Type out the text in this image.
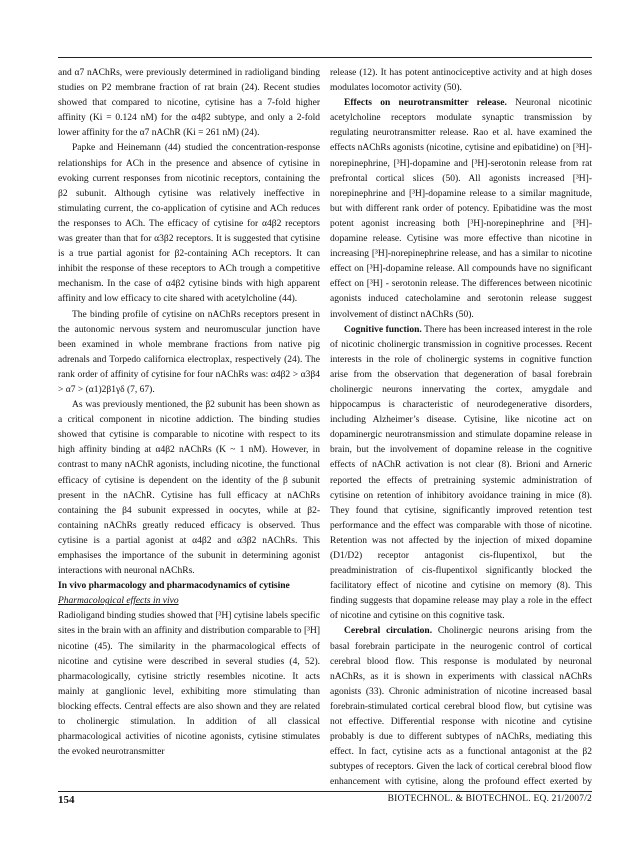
and α7 nAChRs, were previously determined in radioligand binding studies on P2 membrane fraction of rat brain (24). Recent studies showed that compared to nicotine, cytisine has a 7-fold higher affinity (Ki = 0.124 nM) for the α4β2 subtype, and only a 2-fold lower affinity for the α7 nAChR (Ki = 261 nM) (24).

Papke and Heinemann (44) studied the concentration-response relationships for ACh in the presence and absence of cytisine in evoking current responses from nicotinic receptors, containing the β2 subunit. Although cytisine was relatively ineffective in stimulating current, the co-application of cytisine and ACh reduces the responses to ACh. The efficacy of cytisine for α4β2 receptors was greater than that for α3β2 receptors. It is suggested that cytisine is a true partial agonist for β2-containing ACh receptors. It can inhibit the response of these receptors to ACh trough a competitive mechanism. In the case of α4β2 cytisine binds with high apparent affinity and low efficacy to cite shared with acetylcholine (44).

The binding profile of cytisine on nAChRs receptors present in the autonomic nervous system and neuromuscular junction have been examined in whole membrane fractions from native pig adrenals and Torpedo californica electroplax, respectively (24). The rank order of affinity of cytisine for four nAChRs was: α4β2 > α3β4 > α7 > (α1)2β1γδ (7, 67).

As was previously mentioned, the β2 subunit has been shown as a critical component in nicotine addiction. The binding studies showed that cytisine is comparable to nicotine with respect to its high affinity binding at α4β2 nAChRs (K ~ 1 nM). However, in contrast to many nAChR agonists, including nicotine, the functional efficacy of cytisine is dependent on the identity of the β subunit present in the nAChR. Cytisine has full efficacy at nAChRs containing the β4 subunit expressed in oocytes, while at β2- containing nAChRs greatly reduced efficacy is observed. Thus cytisine is a partial agonist at α4β2 and α3β2 nAChRs. This emphasises the importance of the subunit in determining agonist interactions with neuronal nAChRs.

In vivo pharmacology and pharmacodynamics of cytisine

Pharmacological effects in vivo

Radioligand binding studies showed that [³H] cytisine labels specific sites in the brain with an affinity and distribution comparable to [³H] nicotine (45). The similarity in the pharmacological effects of nicotine and cytisine were described in several studies (4, 52). pharmacologically, cytisine strictly resembles nicotine. It acts mainly at ganglionic level, exhibiting more stimulating than blocking effects. Central effects are also shown and they are related to cholinergic stimulation. In addition of all classical pharmacological activities of nicotine agonists, cytisine stimulates the evoked neurotransmitter

release (12). It has potent antinociceptive activity and at high doses modulates locomotor activity (50).

Effects on neurotransmitter release. Neuronal nicotinic acetylcholine receptors modulate synaptic transmission by regulating neurotransmitter release. Rao et al. have examined the effects nAChRs agonists (nicotine, cytisine and epibatidine) on [³H]-norepinephrine, [³H]-dopamine and [³H]-serotonin release from rat prefrontal cortical slices (50). All agonists increased [³H]-norepinephrine and [³H]-dopamine release to a similar magnitude, but with different rank order of potency. Epibatidine was the most potent agonist increasing both [³H]-norepinephrine and [³H]-dopamine release. Cytisine was more effective than nicotine in increasing [³H]-norepinephrine release, and has a similar to nicotine effect on [³H]-dopamine release. All compounds have no significant effect on [³H] - serotonin release. The differences between nicotinic agonists induced catecholamine and serotonin release suggest involvement of distinct nAChRs (50).

Cognitive function. There has been increased interest in the role of nicotinic cholinergic transmission in cognitive processes. Recent interests in the role of cholinergic systems in cognitive function arise from the observation that degeneration of basal forebrain cholinergic neurons innervating the cortex, amygdale and hippocampus is characteristic of neurodegenerative disorders, including Alzheimer’s disease. Cytisine, like nicotine act on dopaminergic neurotransmission and stimulate dopamine release in brain, but the involvement of dopamine release in the cognitive effects of nAChR activation is not clear (8). Brioni and Arneric reported the effects of pretraining systemic administration of cytisine on retention of inhibitory avoidance training in mice (8). They found that cytisine, significantly improved retention test performance and the effect was comparable with those of nicotine. Retention was not affected by the injection of mixed dopamine (D1/D2) receptor antagonist cis-flupentixol, but the preadministration of cis-flupentixol significantly blocked the facilitatory effect of nicotine and cytisine on memory (8). This finding suggests that dopamine release may play a role in the effect of nicotine and cytisine on this cognitive task.

Cerebral circulation. Cholinergic neurons arising from the basal forebrain participate in the neurogenic control of cortical cerebral blood flow. This response is modulated by neuronal nAChRs, as it is shown in experiments with classical nAChRs agonists (33). Chronic administration of nicotine increased basal forebrain-stimulated cortical cerebral blood flow, but cytisine was not effective. Differential response with nicotine and cytisine probably is due to different subtypes of nAChRs, mediating this effect. In fact, cytisine acts as a functional antagonist at the β2 subtypes of receptors. Given the lack of cortical cerebral blood flow enhancement with cytisine, along the profound effect exerted by

154	BIOTECHNOL. & BIOTECHNOL. EQ. 21/2007/2
